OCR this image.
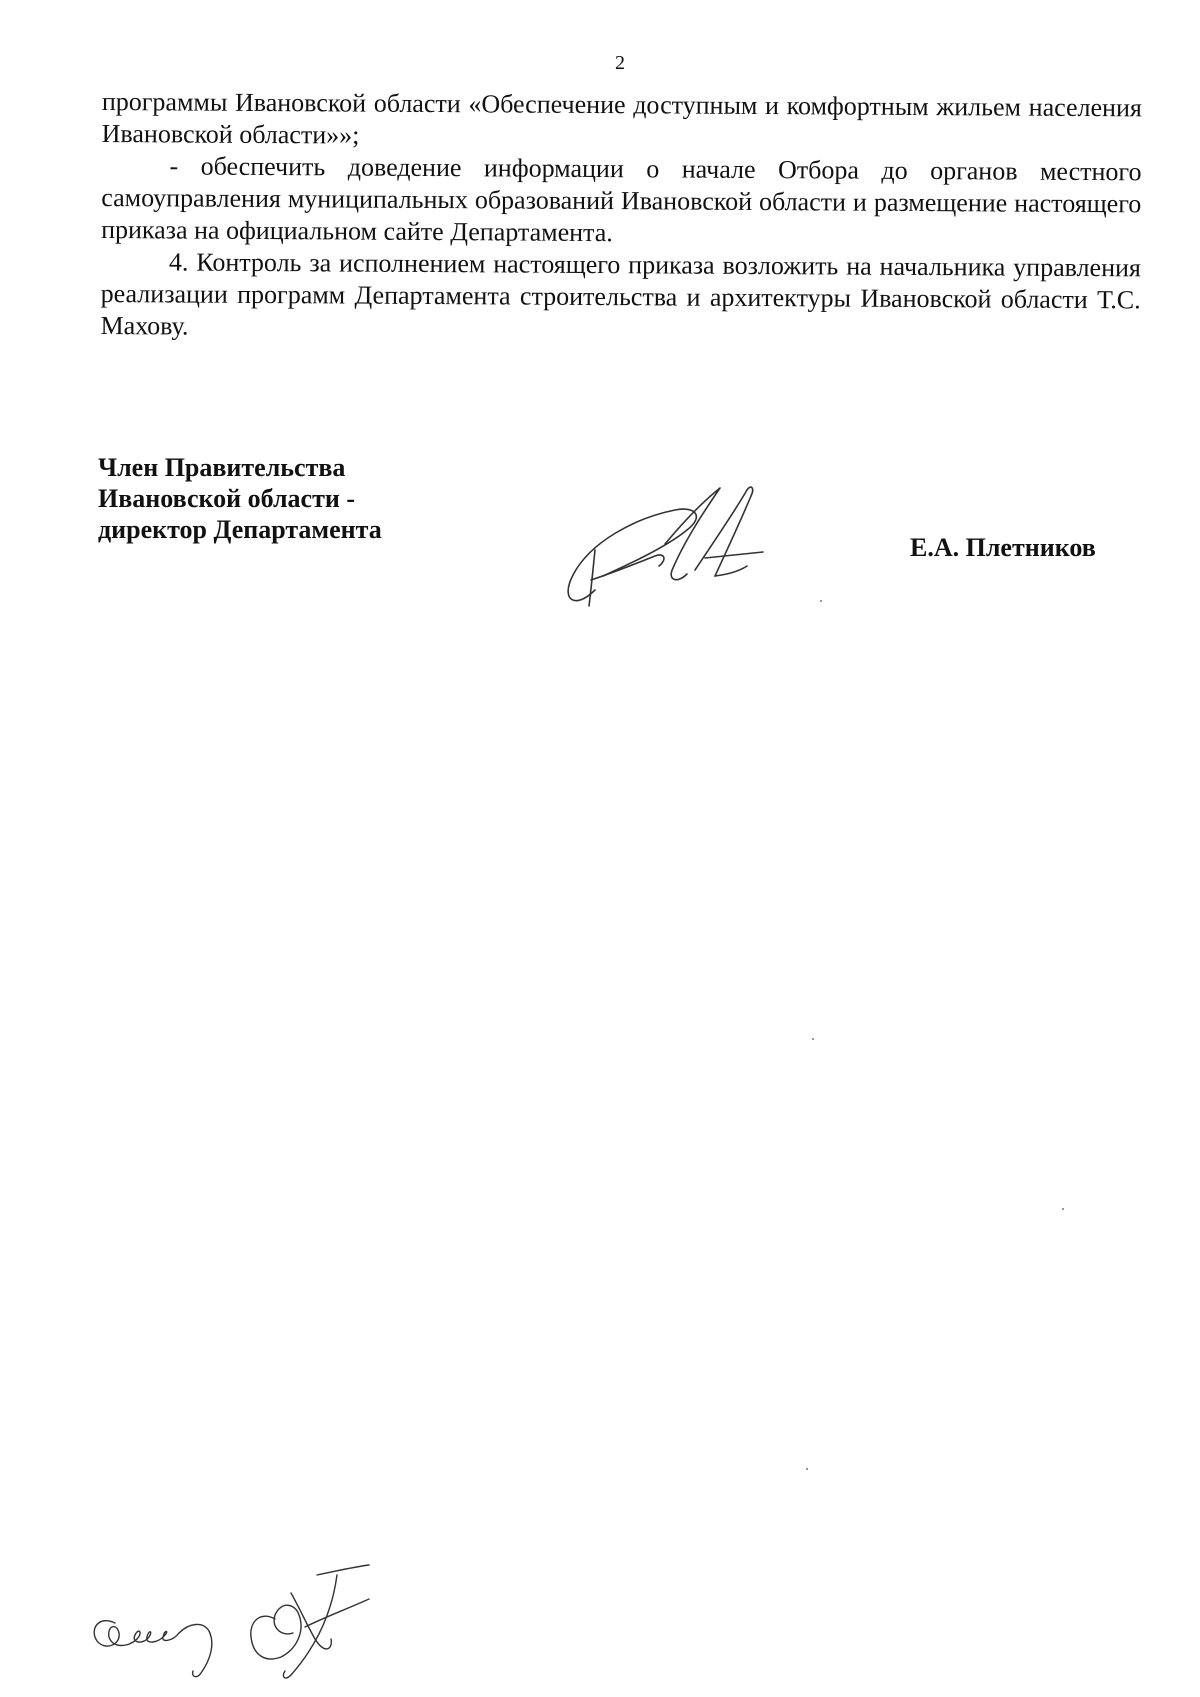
2

программы Ивановской области «Обеспечение доступным и комфортным жильем населения Ивановской области»»;

- обеспечить доведение информации о начале Отбора до органов местного самоуправления муниципальных образований Ивановской области и размещение настоящего приказа на официальном сайте Департамента.

4. Контроль за исполнением настоящего приказа возложить на начальника управления реализации программ Департамента строительства и архитектуры Ивановской области Т.С. Махову.

Член Правительства
Ивановской области -
директор Департамента
Е.А. Плетников
